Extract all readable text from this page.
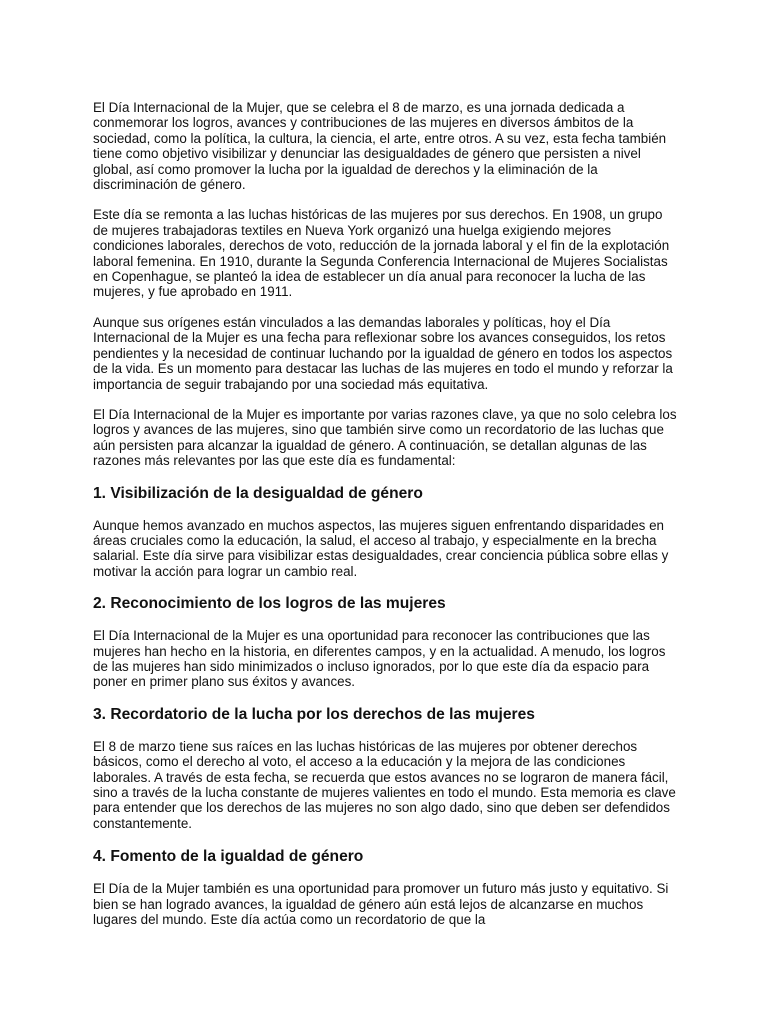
El Día Internacional de la Mujer, que se celebra el 8 de marzo, es una jornada dedicada a conmemorar los logros, avances y contribuciones de las mujeres en diversos ámbitos de la sociedad, como la política, la cultura, la ciencia, el arte, entre otros. A su vez, esta fecha también tiene como objetivo visibilizar y denunciar las desigualdades de género que persisten a nivel global, así como promover la lucha por la igualdad de derechos y la eliminación de la discriminación de género.

Este día se remonta a las luchas históricas de las mujeres por sus derechos. En 1908, un grupo de mujeres trabajadoras textiles en Nueva York organizó una huelga exigiendo mejores condiciones laborales, derechos de voto, reducción de la jornada laboral y el fin de la explotación laboral femenina. En 1910, durante la Segunda Conferencia Internacional de Mujeres Socialistas en Copenhague, se planteó la idea de establecer un día anual para reconocer la lucha de las mujeres, y fue aprobado en 1911.

Aunque sus orígenes están vinculados a las demandas laborales y políticas, hoy el Día Internacional de la Mujer es una fecha para reflexionar sobre los avances conseguidos, los retos pendientes y la necesidad de continuar luchando por la igualdad de género en todos los aspectos de la vida. Es un momento para destacar las luchas de las mujeres en todo el mundo y reforzar la importancia de seguir trabajando por una sociedad más equitativa.

El Día Internacional de la Mujer es importante por varias razones clave, ya que no solo celebra los logros y avances de las mujeres, sino que también sirve como un recordatorio de las luchas que aún persisten para alcanzar la igualdad de género. A continuación, se detallan algunas de las razones más relevantes por las que este día es fundamental:

1. Visibilización de la desigualdad de género

Aunque hemos avanzado en muchos aspectos, las mujeres siguen enfrentando disparidades en áreas cruciales como la educación, la salud, el acceso al trabajo, y especialmente en la brecha salarial. Este día sirve para visibilizar estas desigualdades, crear conciencia pública sobre ellas y motivar la acción para lograr un cambio real.

2. Reconocimiento de los logros de las mujeres

El Día Internacional de la Mujer es una oportunidad para reconocer las contribuciones que las mujeres han hecho en la historia, en diferentes campos, y en la actualidad. A menudo, los logros de las mujeres han sido minimizados o incluso ignorados, por lo que este día da espacio para poner en primer plano sus éxitos y avances.

3. Recordatorio de la lucha por los derechos de las mujeres

El 8 de marzo tiene sus raíces en las luchas históricas de las mujeres por obtener derechos básicos, como el derecho al voto, el acceso a la educación y la mejora de las condiciones laborales. A través de esta fecha, se recuerda que estos avances no se lograron de manera fácil, sino a través de la lucha constante de mujeres valientes en todo el mundo. Esta memoria es clave para entender que los derechos de las mujeres no son algo dado, sino que deben ser defendidos constantemente.

4. Fomento de la igualdad de género

El Día de la Mujer también es una oportunidad para promover un futuro más justo y equitativo. Si bien se han logrado avances, la igualdad de género aún está lejos de alcanzarse en muchos lugares del mundo. Este día actúa como un recordatorio de que la
